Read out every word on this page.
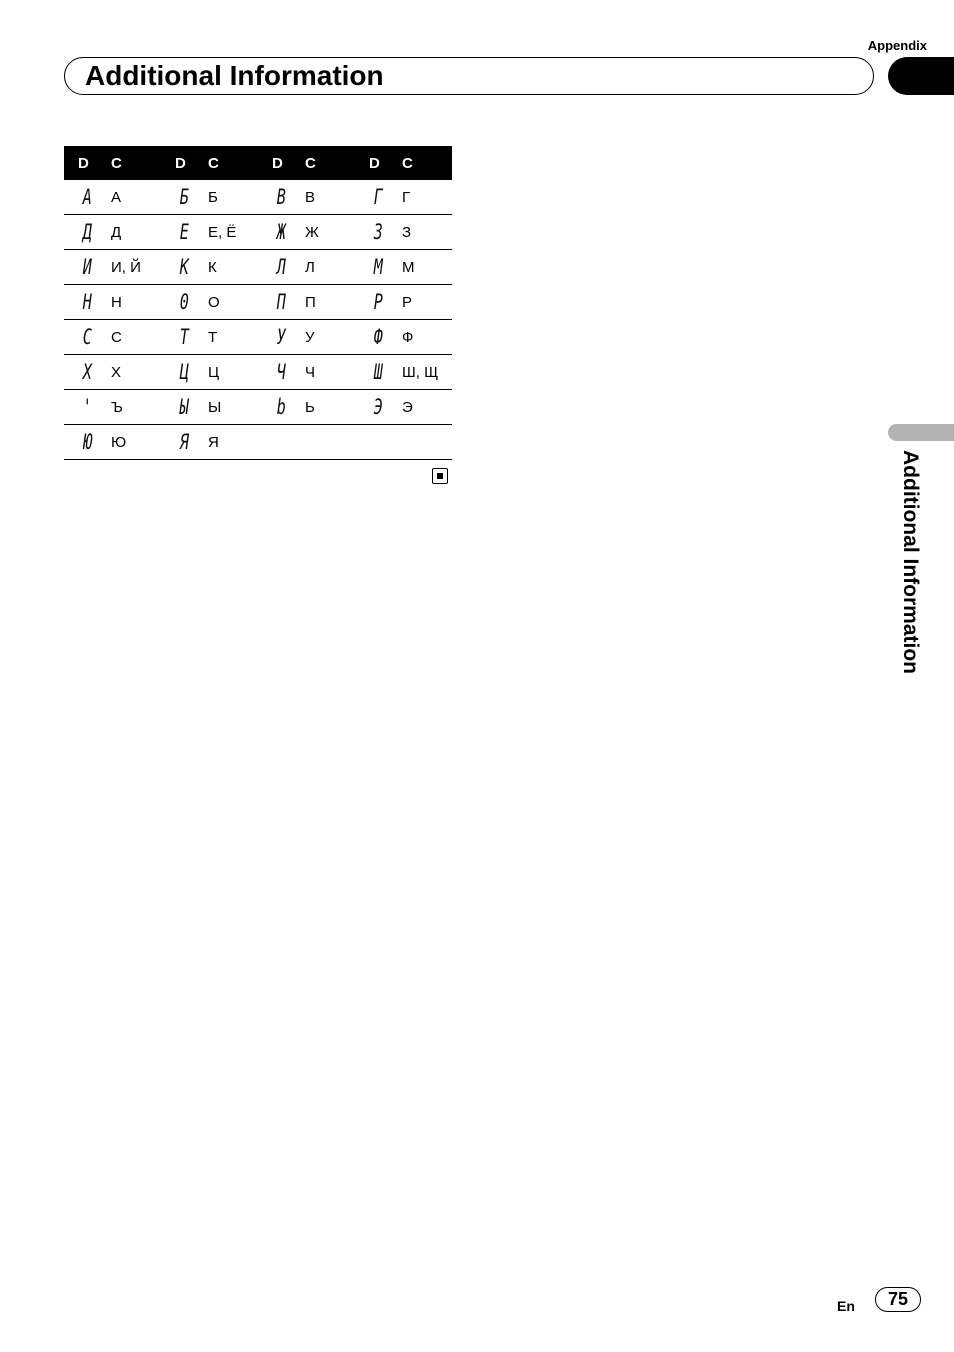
Appendix
Additional Information
D	C	D	C	D	C	D	C
A	А	Б	Б	B	В	Г	Г
Д	Д	E	Е, Ё	Ж	Ж	3	З
И	И, Й	K	К	Л	Л	M	М
H	Н	0	О	П	П	P	Р
C	С	T	Т	У	У	Ф	Ф
X	Х	Ц	Ц	Ч	Ч	Ш	Ш, Щ
'	Ъ	Ы	Ы	b	Ь	Э	Э
Ю	Ю	Я	Я				
Additional Information
En	75
